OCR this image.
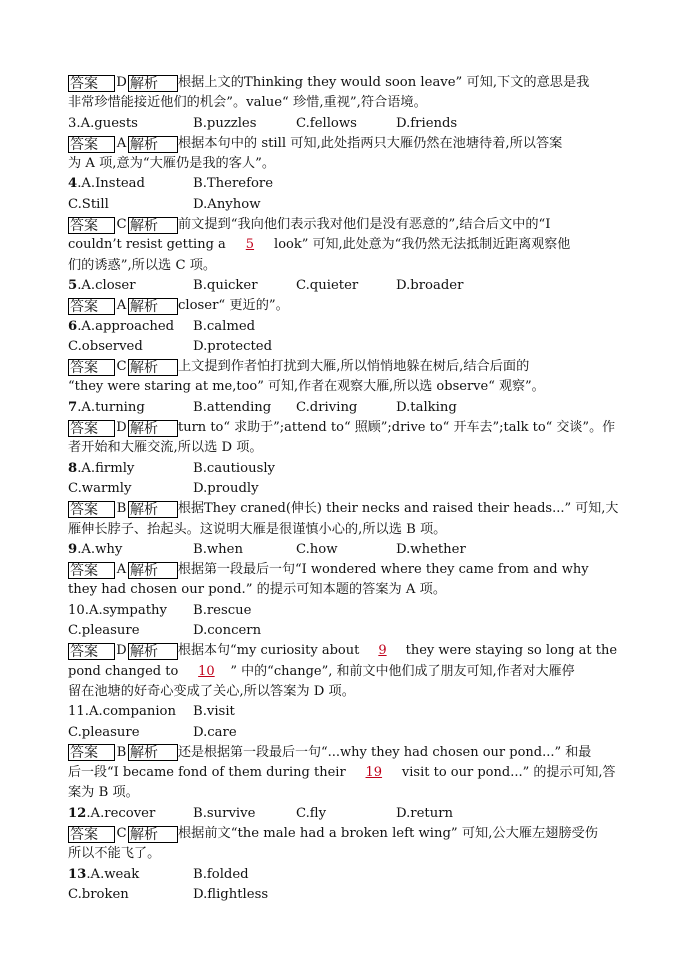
答案 D 解析 根据上文的Thinking they would soon leave” 可知,下文的意思是我
非常珍惜能接近他们的机会”。value“ 珍惜,重视”,符合语境。
3.A.guests	B.puzzles	C.fellows	D.friends
答案 A 解析 根据本句中的 still 可知,此处指两只大雁仍然在池塘待着,所以答案
为 A 项,意为“大雁仍是我的客人”。
4.A.Instead	B.Therefore
C.Still	D.Anyhow
答案 C 解析 前文提到“我向他们表示我对他们是没有恶意的”,结合后文中的“I
couldn’t resist getting a 5 look” 可知,此处意为“我仍然无法抵制近距离观察他
们的诱惑”,所以选 C 项。
5.A.closer	B.quicker	C.quieter	D.broader
答案 A 解析 closer“ 更近的”。
6.A.approached B.calmed
C.observed	D.protected
答案 C 解析 上文提到作者怕打扰到大雁,所以悄悄地躲在树后,结合后面的
“they were staring at me,too” 可知,作者在观察大雁,所以选 observe“ 观察”。
7.A.turning	B.attending C.driving	D.talking
答案 D 解析 turn to“ 求助于”;attend to“ 照顾”;drive to“ 开车去”;talk to“ 交谈”。作
者开始和大雁交流,所以选 D 项。
8.A.firmly	B.cautiously
C.warmly	D.proudly
答案 B 解析 根据They craned(伸长) their necks and raised their heads...” 可知,大
雁伸长脖子、抬起头。这说明大雁是很谨慎小心的,所以选 B 项。
9.A.why	B.when	C.how	D.whether
答案 A 解析 根据第一段最后一句“I wondered where they came from and why
they had chosen our pond.” 的提示可知本题的答案为 A 项。
10.A.sympathy B.rescue
C.pleasure	D.concern
答案 D 解析 根据本句“my curiosity about 9 they were staying so long at the
pond changed to 10 ” 中的“change”, 和前文中他们成了朋友可知,作者对大雁停
留在池塘的好奇心变成了关心,所以答案为 D 项。
11.A.companion B.visit
C.pleasure	D.care
答案 B 解析 还是根据第一段最后一句“...why they had chosen our pond...” 和最
后一段“I became fond of them during their 19 visit to our pond...” 的提示可知,答
案为 B 项。
12.A.recover	B.survive	C.fly	D.return
答案 C 解析 根据前文“the male had a broken left wing” 可知,公大雁左翅膀受伤
所以不能飞了。
13.A.weak	B.folded
C.broken	D.flightless
